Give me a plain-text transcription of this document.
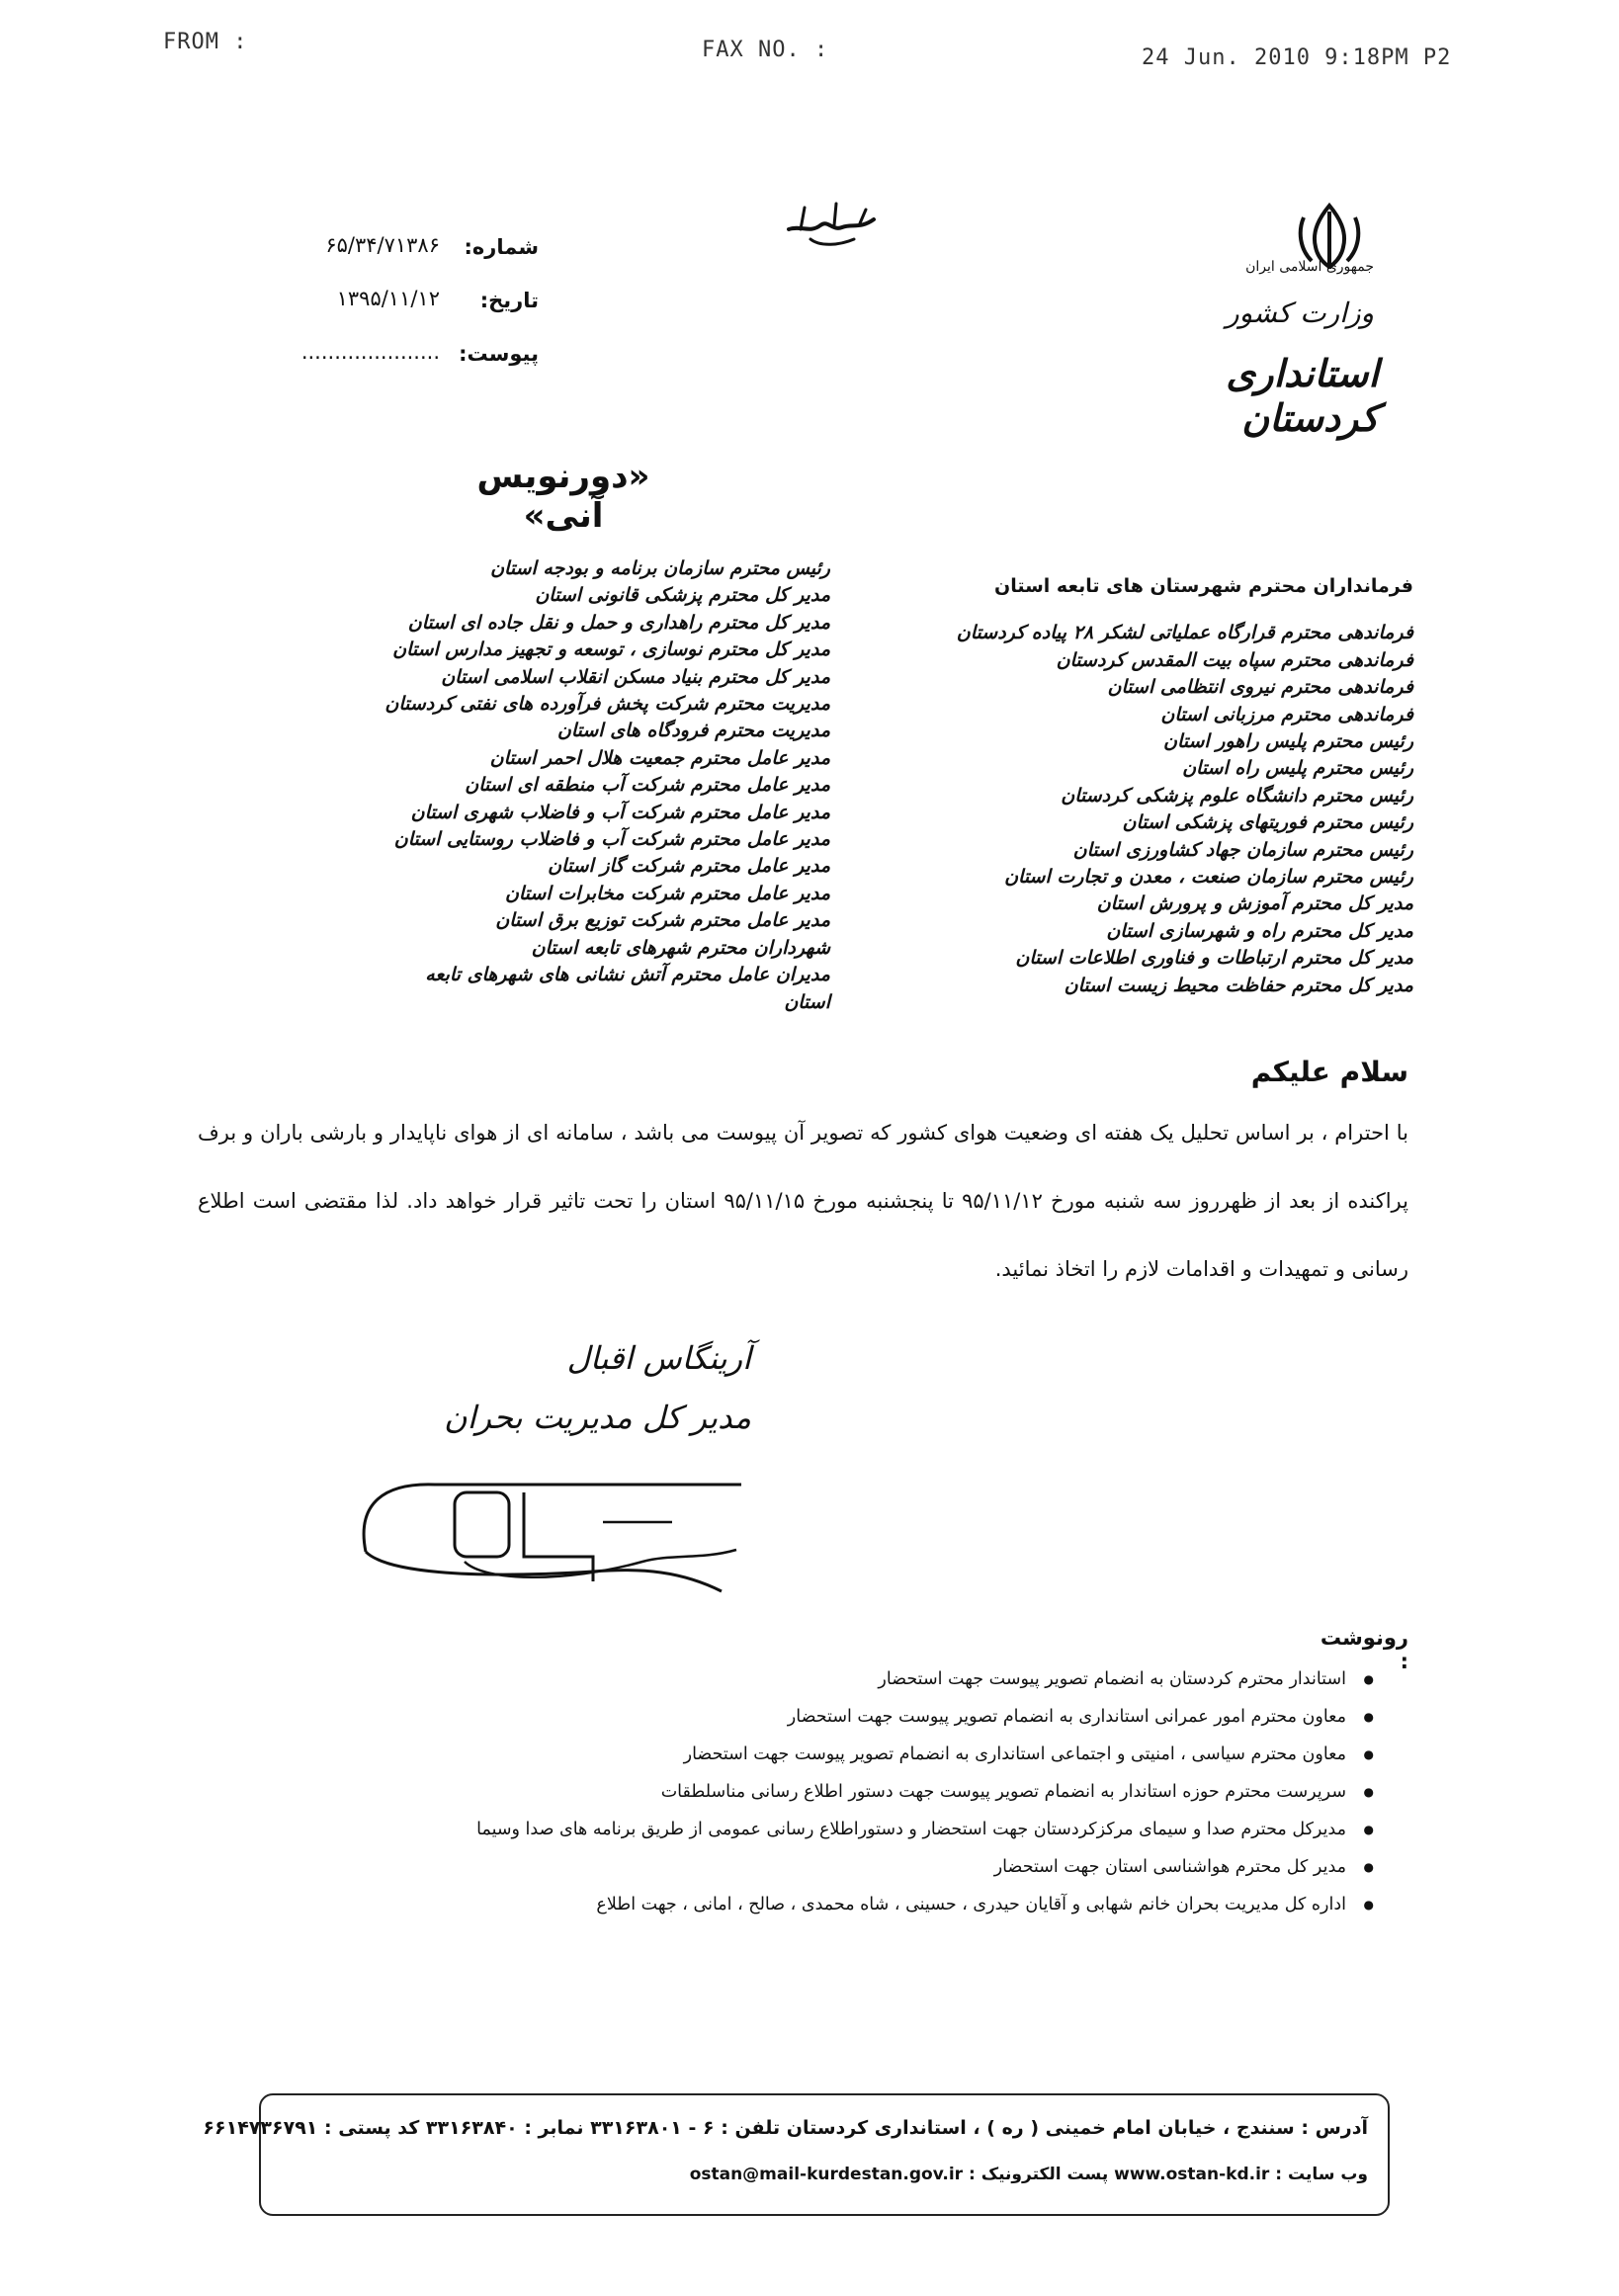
FROM :	FAX NO. :	24 Jun. 2010 9:18PM P2
جمهوری اسلامی ایران
وزارت کشور
استانداری کردستان
شماره:
۶۵/۳۴/۷۱۳۸۶
تاریخ:
۱۳۹۵/۱۱/۱۲
پیوست:
.....................
«دورنویس آنی»
فرمانداران محترم شهرستان های تابعه استان
فرماندهی محترم قرارگاه عملیاتی لشکر ۲۸ پیاده کردستان
فرماندهی محترم سپاه بیت المقدس کردستان
فرماندهی محترم نیروی انتظامی استان
فرماندهی محترم مرزبانی استان
رئیس محترم پلیس راهور استان
رئیس محترم پلیس راه استان
رئیس محترم دانشگاه علوم پزشکی کردستان
رئیس محترم فوریتهای پزشکی استان
رئیس محترم سازمان جهاد کشاورزی استان
رئیس محترم سازمان صنعت ، معدن و تجارت استان
مدیر کل محترم آموزش و پرورش استان
مدیر کل محترم راه و شهرسازی استان
مدیر کل محترم ارتباطات و فناوری اطلاعات استان
مدیر کل محترم حفاظت محیط زیست استان
رئیس محترم سازمان برنامه و بودجه استان
مدیر کل محترم پزشکی قانونی استان
مدیر کل محترم راهداری و حمل و نقل جاده ای استان
مدیر کل محترم نوسازی ، توسعه و تجهیز مدارس استان
مدیر کل محترم بنیاد مسکن انقلاب اسلامی استان
مدیریت محترم شرکت پخش فرآورده های نفتی کردستان
مدیریت محترم فرودگاه های استان
مدیر عامل محترم جمعیت هلال احمر استان
مدیر عامل محترم شرکت آب منطقه ای استان
مدیر عامل محترم شرکت آب و فاضلاب شهری استان
مدیر عامل محترم شرکت آب و فاضلاب روستایی استان
مدیر عامل محترم شرکت گاز استان
مدیر عامل محترم شرکت مخابرات استان
مدیر عامل محترم شرکت توزیع برق استان
شهرداران محترم شهرهای تابعه استان
مدیران عامل محترم آتش نشانی های شهرهای تابعه استان
سلام علیکم
با احترام ، بر اساس تحلیل یک هفته ای وضعیت هوای کشور که تصویر آن پیوست می باشد ، سامانه ای از هوای ناپایدار و بارشی باران و برف پراکنده از بعد از ظهرروز سه شنبه مورخ ۹۵/۱۱/۱۲ تا پنجشنبه مورخ ۹۵/۱۱/۱۵ استان را تحت تاثیر قرار خواهد داد. لذا مقتضی است اطلاع رسانی و تمهیدات و اقدامات لازم را اتخاذ نمائید.
آرینگاس اقبال
مدیر کل مدیریت بحران
رونوشت :
استاندار محترم کردستان به انضمام تصویر پیوست جهت استحضار ●
معاون محترم امور عمرانی استانداری به انضمام تصویر پیوست جهت استحضار ●
معاون محترم سیاسی ، امنیتی و اجتماعی استانداری به انضمام تصویر پیوست جهت استحضار ●
سرپرست محترم حوزه استاندار به انضمام تصویر پیوست جهت دستور اطلاع رسانی مناسلطقات ●
مدیرکل محترم صدا و سیمای مرکزکردستان جهت استحضار و دستوراطلاع رسانی عمومی از طریق برنامه های صدا وسیما ●
مدیر کل محترم هواشناسی استان جهت استحضار ●
اداره کل مدیریت بحران خانم شهابی و آقایان حیدری ، حسینی ، شاه محمدی ، صالح ، امانی ، جهت اطلاع ●
آدرس : سنندج ، خیابان امام خمینی ( ره ) ، استانداری کردستان تلفن : ۶ - ۳۳۱۶۳۸۰۱ نمابر : ۳۳۱۶۳۸۴۰ کد پستی : ۶۶۱۴۷۳۶۷۹۱
وب سایت : www.ostan-kd.ir پست الکترونیک : ostan@mail-kurdestan.gov.ir
